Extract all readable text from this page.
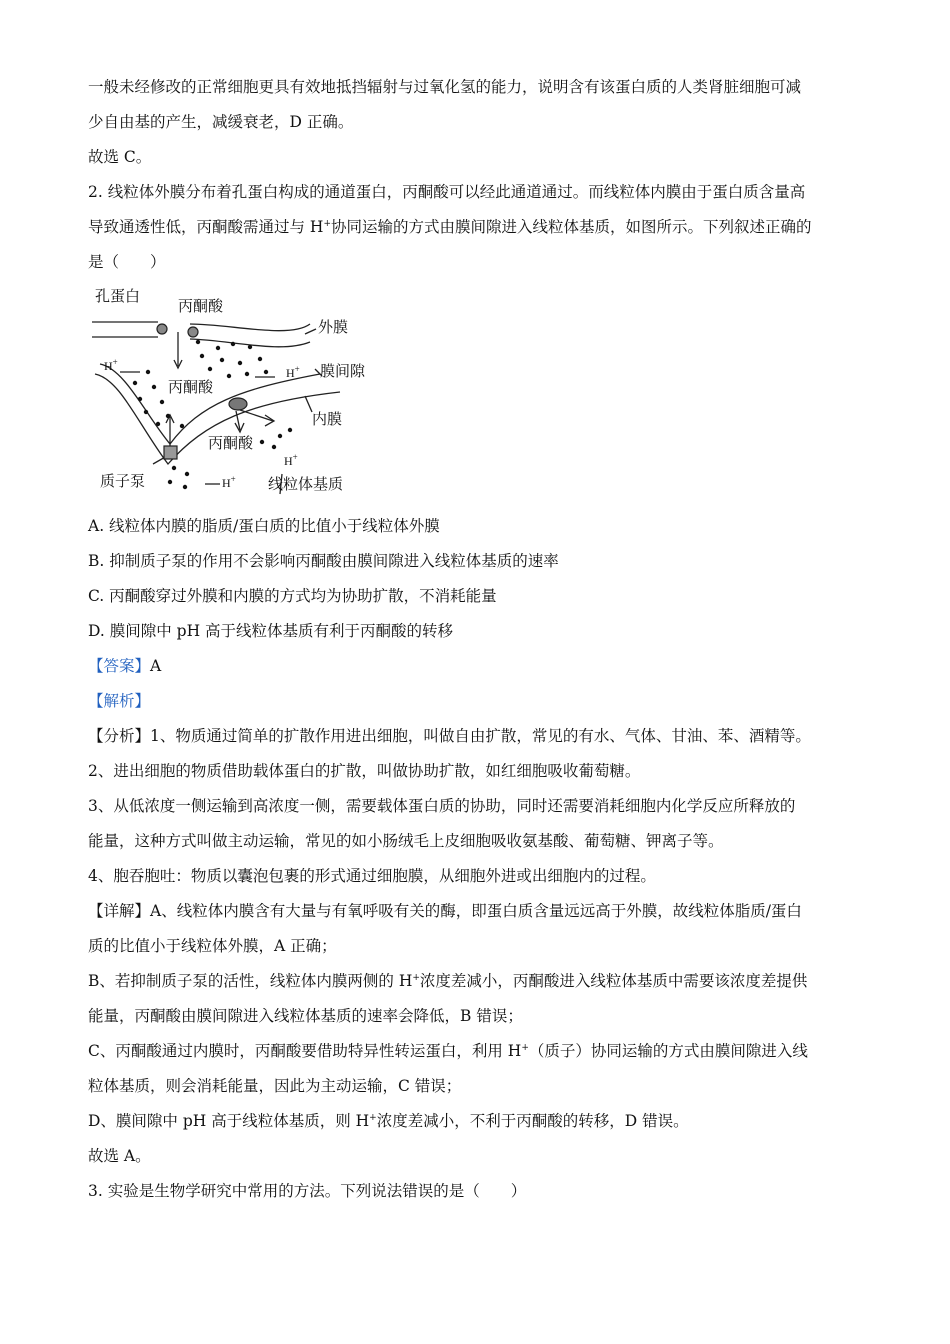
一般未经修改的正常细胞更具有效地抵挡辐射与过氧化氢的能力，说明含有该蛋白质的人类肾脏细胞可减
少自由基的产生，减缓衰老，D 正确。
故选 C。
2. 线粒体外膜分布着孔蛋白构成的通道蛋白，丙酮酸可以经此通道通过。而线粒体内膜由于蛋白质含量高
导致通透性低，丙酮酸需通过与 H+协同运输的方式由膜间隙进入线粒体基质，如图所示。下列叙述正确的
是（　　）
孔蛋白
丙酮酸
外膜
H+
H+ 膜间隙
丙酮酸
内膜
丙酮酸
H+
质子泵	H+ 线粒体基质
A. 线粒体内膜的脂质/蛋白质的比值小于线粒体外膜
B. 抑制质子泵的作用不会影响丙酮酸由膜间隙进入线粒体基质的速率
C. 丙酮酸穿过外膜和内膜的方式均为协助扩散，不消耗能量
D. 膜间隙中 pH 高于线粒体基质有利于丙酮酸的转移
【答案】A
【解析】
【分析】1、物质通过简单的扩散作用进出细胞，叫做自由扩散，常见的有水、气体、甘油、苯、酒精等。
2、进出细胞的物质借助载体蛋白的扩散，叫做协助扩散，如红细胞吸收葡萄糖。
3、从低浓度一侧运输到高浓度一侧，需要载体蛋白质的协助，同时还需要消耗细胞内化学反应所释放的
能量，这种方式叫做主动运输，常见的如小肠绒毛上皮细胞吸收氨基酸、葡萄糖、钾离子等。
4、胞吞胞吐：物质以囊泡包裹的形式通过细胞膜，从细胞外进或出细胞内的过程。
【详解】A、线粒体内膜含有大量与有氧呼吸有关的酶，即蛋白质含量远远高于外膜，故线粒体脂质/蛋白
质的比值小于线粒体外膜，A 正确；
B、若抑制质子泵的活性，线粒体内膜两侧的 H+浓度差减小，丙酮酸进入线粒体基质中需要该浓度差提供
能量，丙酮酸由膜间隙进入线粒体基质的速率会降低，B 错误；
C、丙酮酸通过内膜时，丙酮酸要借助特异性转运蛋白，利用 H+（质子）协同运输的方式由膜间隙进入线
粒体基质，则会消耗能量，因此为主动运输，C 错误；
D、膜间隙中 pH 高于线粒体基质，则 H+浓度差减小，不利于丙酮酸的转移，D 错误。
故选 A。
3. 实验是生物学研究中常用的方法。下列说法错误的是（　　）
